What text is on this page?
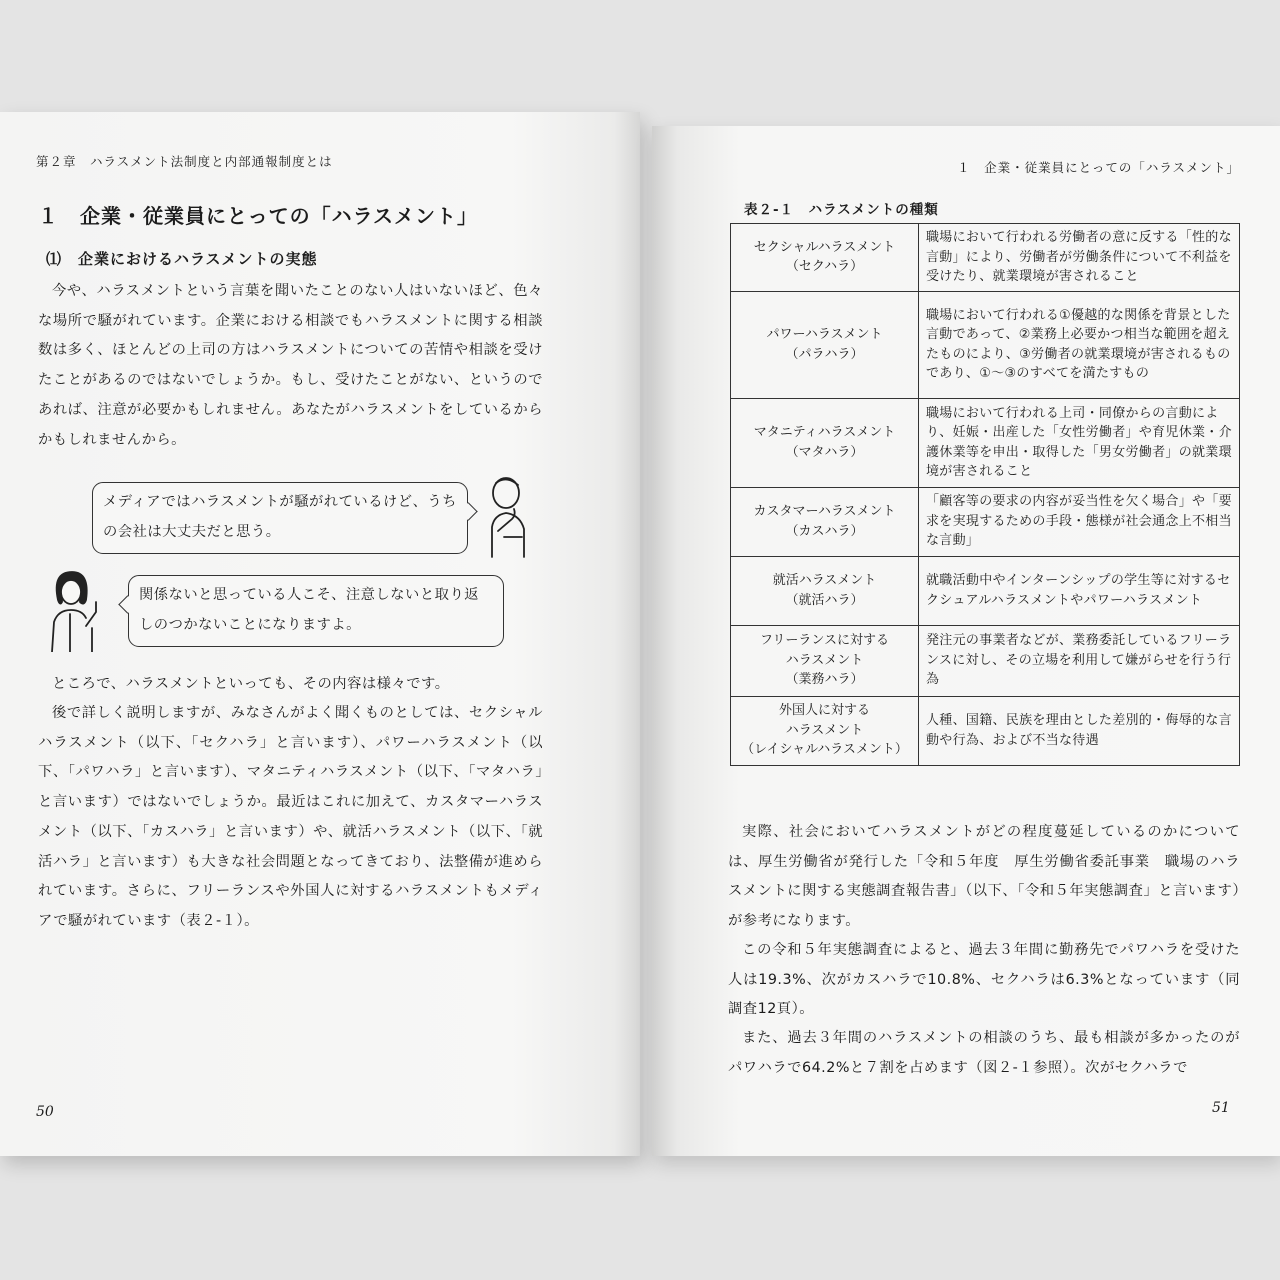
第２章　ハラスメント法制度と内部通報制度とは
１　企業・従業員にとっての「ハラスメント」
⑴　企業におけるハラスメントの実態
今や、ハラスメントという言葉を聞いたことのない人はいないほど、色々な場所で騒がれています。企業における相談でもハラスメントに関する相談数は多く、ほとんどの上司の方はハラスメントについての苦情や相談を受けたことがあるのではないでしょうか。もし、受けたことがない、というのであれば、注意が必要かもしれません。あなたがハラスメントをしているからかもしれませんから。
メディアではハラスメントが騒がれているけど、うちの会社は大丈夫だと思う。
関係ないと思っている人こそ、注意しないと取り返しのつかないことになりますよ。
ところで、ハラスメントといっても、その内容は様々です。
後で詳しく説明しますが、みなさんがよく聞くものとしては、セクシャルハラスメント（以下、「セクハラ」と言います）、パワーハラスメント（以下、「パワハラ」と言います）、マタニティハラスメント（以下、「マタハラ」と言います）ではないでしょうか。最近はこれに加えて、カスタマーハラスメント（以下、「カスハラ」と言います）や、就活ハラスメント（以下、「就活ハラ」と言います）も大きな社会問題となってきており、法整備が進められています。さらに、フリーランスや外国人に対するハラスメントもメディアで騒がれています（表２-１）。
50
１　企業・従業員にとっての「ハラスメント」
表２-１　ハラスメントの種類
セクシャルハラスメント
（セクハラ）	職場において行われる労働者の意に反する「性的な言動」により、労働者が労働条件について不利益を受けたり、就業環境が害されること

パワーハラスメント
（パラハラ）	職場において行われる①優越的な関係を背景とした言動であって、②業務上必要かつ相当な範囲を超えたものにより、③労働者の就業環境が害されるものであり、①～③のすべてを満たすもの

マタニティハラスメント
（マタハラ）	職場において行われる上司・同僚からの言動により、妊娠・出産した「女性労働者」や育児休業・介護休業等を申出・取得した「男女労働者」の就業環境が害されること

カスタマーハラスメント
（カスハラ）	「顧客等の要求の内容が妥当性を欠く場合」や「要求を実現するための手段・態様が社会通念上不相当な言動」

就活ハラスメント
（就活ハラ）	就職活動中やインターンシップの学生等に対するセクシュアルハラスメントやパワーハラスメント

フリーランスに対する
ハラスメント
（業務ハラ）	発注元の事業者などが、業務委託しているフリーランスに対し、その立場を利用して嫌がらせを行う行為

外国人に対する
ハラスメント
（レイシャルハラスメント）	人種、国籍、民族を理由とした差別的・侮辱的な言動や行為、および不当な待遇
実際、社会においてハラスメントがどの程度蔓延しているのかについては、厚生労働省が発行した「令和５年度　厚生労働省委託事業　職場のハラスメントに関する実態調査報告書」（以下、「令和５年実態調査」と言います）が参考になります。
この令和５年実態調査によると、過去３年間に勤務先でパワハラを受けた人は19.3%、次がカスハラで10.8%、セクハラは6.3%となっています（同調査12頁）。
また、過去３年間のハラスメントの相談のうち、最も相談が多かったのがパワハラで64.2%と７割を占めます（図２-１参照）。次がセクハラで
51
